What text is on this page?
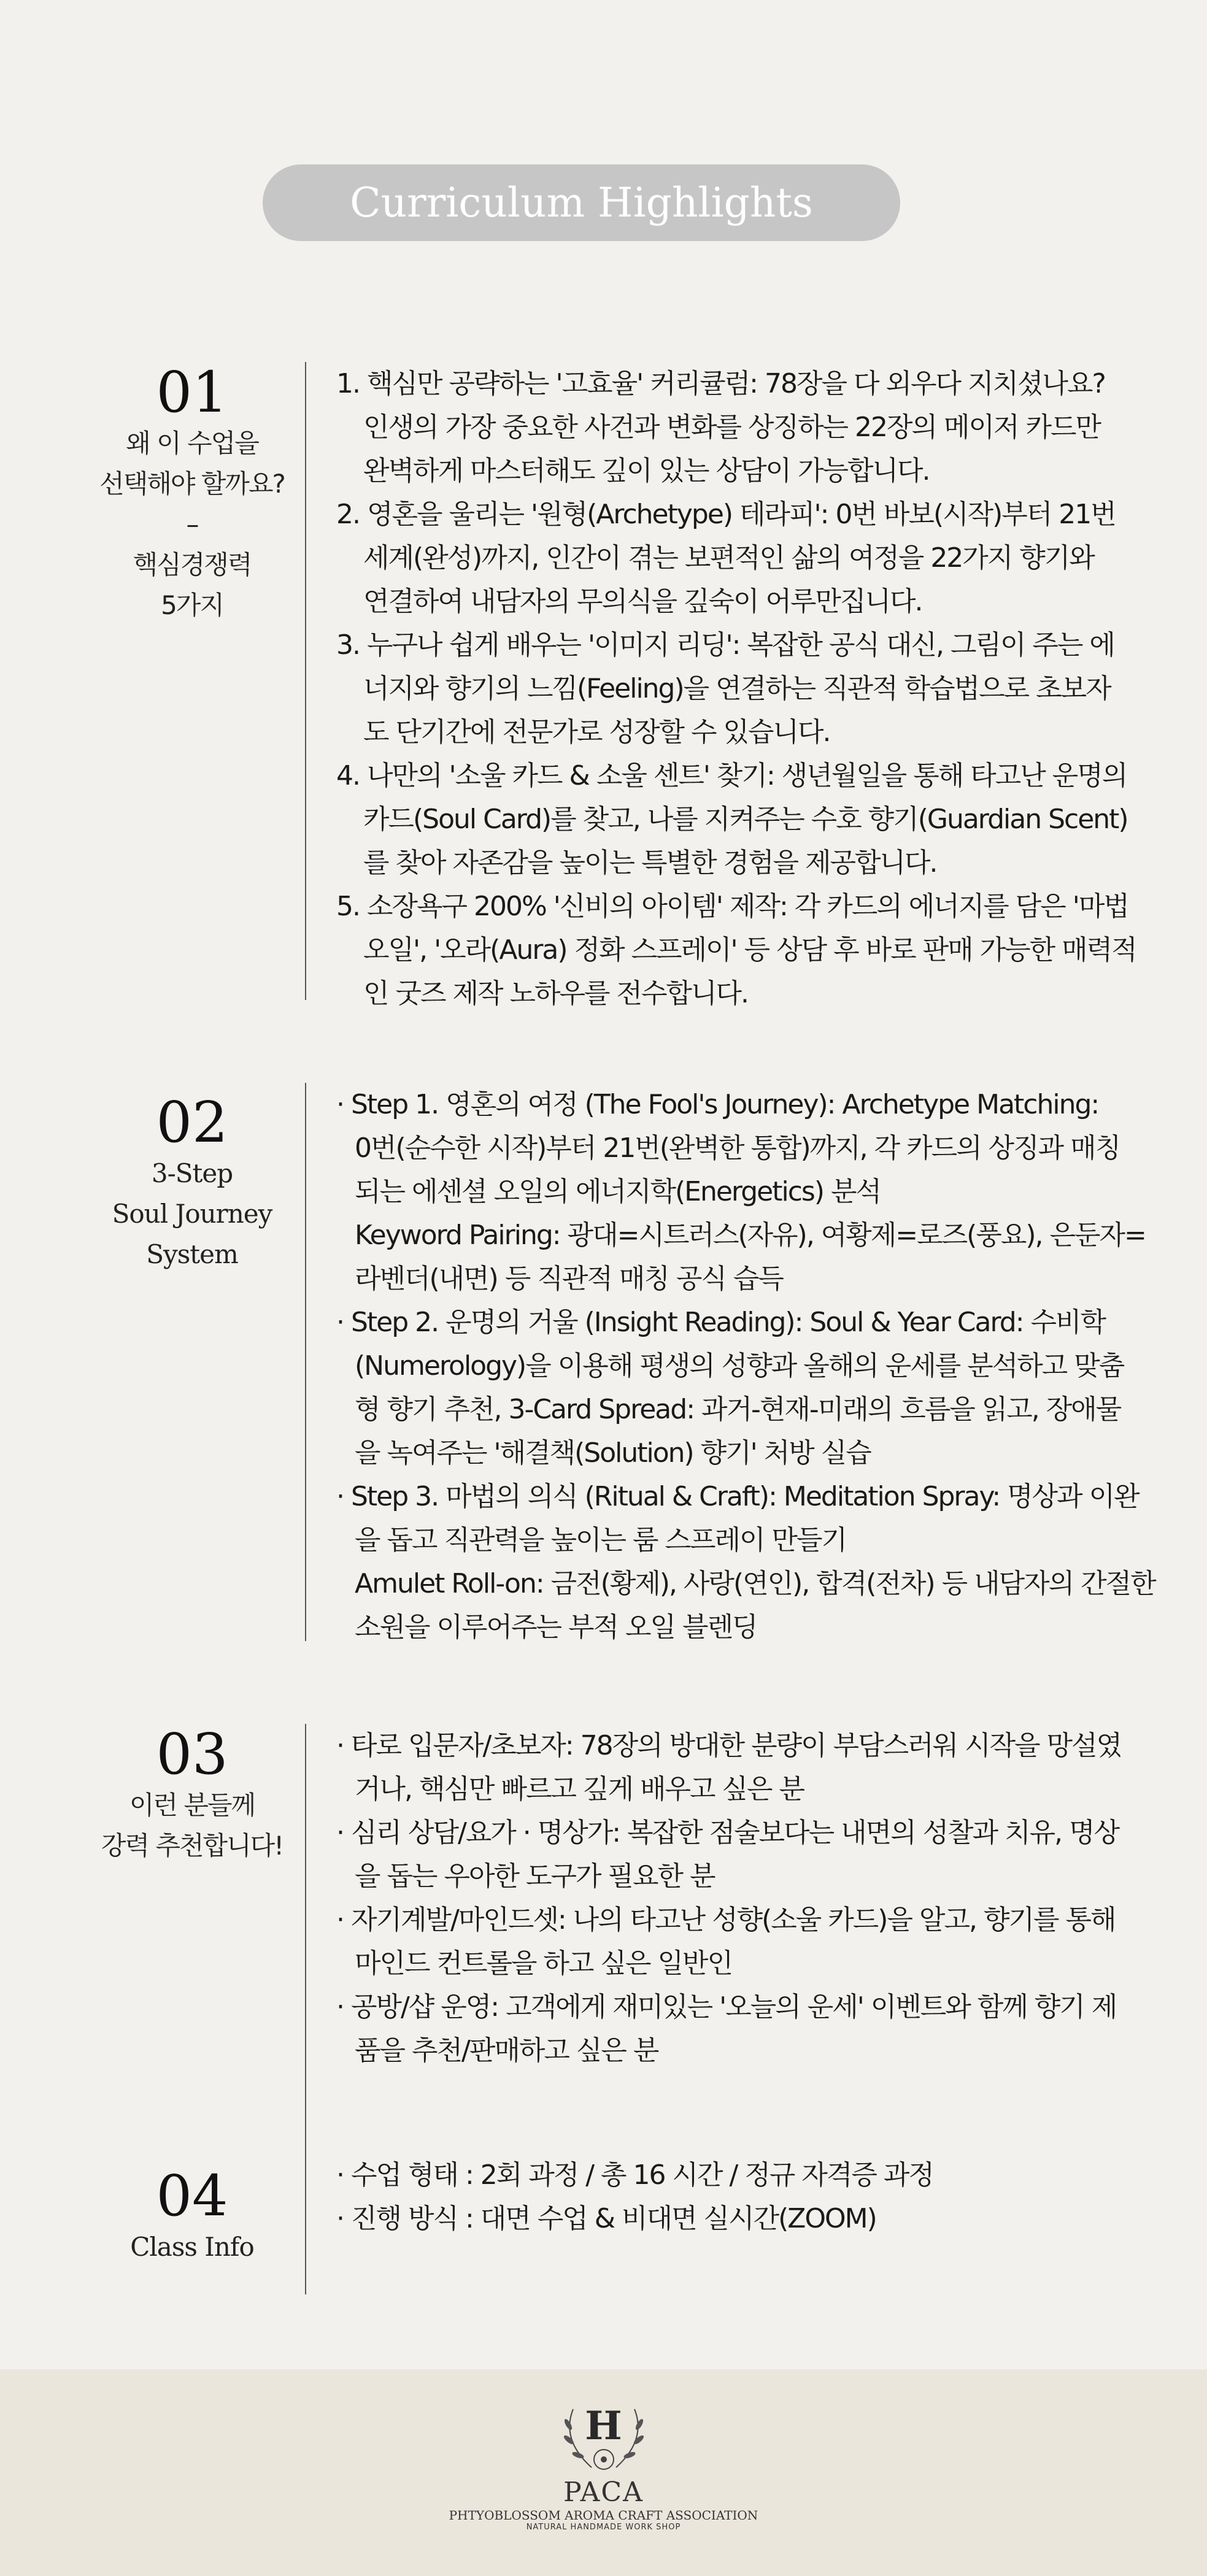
Curriculum Highlights
01
왜 이 수업을
선택해야 할까요?
–
핵심경쟁력
5가지
1. 핵심만 공략하는 '고효율' 커리큘럼: 78장을 다 외우다 지치셨나요?
인생의 가장 중요한 사건과 변화를 상징하는 22장의 메이저 카드만
완벽하게 마스터해도 깊이 있는 상담이 가능합니다.
2. 영혼을 울리는 '원형(Archetype) 테라피': 0번 바보(시작)부터 21번
세계(완성)까지, 인간이 겪는 보편적인 삶의 여정을 22가지 향기와
연결하여 내담자의 무의식을 깊숙이 어루만집니다.
3. 누구나 쉽게 배우는 '이미지 리딩': 복잡한 공식 대신, 그림이 주는 에
너지와 향기의 느낌(Feeling)을 연결하는 직관적 학습법으로 초보자
도 단기간에 전문가로 성장할 수 있습니다.
4. 나만의 '소울 카드 & 소울 센트' 찾기: 생년월일을 통해 타고난 운명의
카드(Soul Card)를 찾고, 나를 지켜주는 수호 향기(Guardian Scent)
를 찾아 자존감을 높이는 특별한 경험을 제공합니다.
5. 소장욕구 200% '신비의 아이템' 제작: 각 카드의 에너지를 담은 '마법
오일', '오라(Aura) 정화 스프레이' 등 상담 후 바로 판매 가능한 매력적
인 굿즈 제작 노하우를 전수합니다.
02
3-Step
Soul Journey
System
· Step 1. 영혼의 여정 (The Fool's Journey): Archetype Matching:
0번(순수한 시작)부터 21번(완벽한 통합)까지, 각 카드의 상징과 매칭
되는 에센셜 오일의 에너지학(Energetics) 분석
Keyword Pairing: 광대=시트러스(자유), 여황제=로즈(풍요), 은둔자=
라벤더(내면) 등 직관적 매칭 공식 습득
· Step 2. 운명의 거울 (Insight Reading): Soul & Year Card: 수비학
(Numerology)을 이용해 평생의 성향과 올해의 운세를 분석하고 맞춤
형 향기 추천, 3-Card Spread: 과거-현재-미래의 흐름을 읽고, 장애물
을 녹여주는 '해결책(Solution) 향기' 처방 실습
· Step 3. 마법의 의식 (Ritual & Craft): Meditation Spray: 명상과 이완
을 돕고 직관력을 높이는 룸 스프레이 만들기
Amulet Roll-on: 금전(황제), 사랑(연인), 합격(전차) 등 내담자의 간절한
소원을 이루어주는 부적 오일 블렌딩
03
이런 분들께
강력 추천합니다!
· 타로 입문자/초보자: 78장의 방대한 분량이 부담스러워 시작을 망설였
거나, 핵심만 빠르고 깊게 배우고 싶은 분
· 심리 상담/요가 · 명상가: 복잡한 점술보다는 내면의 성찰과 치유, 명상
을 돕는 우아한 도구가 필요한 분
· 자기계발/마인드셋: 나의 타고난 성향(소울 카드)을 알고, 향기를 통해
마인드 컨트롤을 하고 싶은 일반인
· 공방/샵 운영: 고객에게 재미있는 '오늘의 운세' 이벤트와 함께 향기 제
품을 추천/판매하고 싶은 분
04
Class Info
· 수업 형태 : 2회 과정 / 총 16 시간 / 정규 자격증 과정
· 진행 방식 : 대면 수업 & 비대면 실시간(ZOOM)
H
PACA
PHTYOBLOSSOM AROMA CRAFT ASSOCIATION
NATURAL HANDMADE WORK SHOP
